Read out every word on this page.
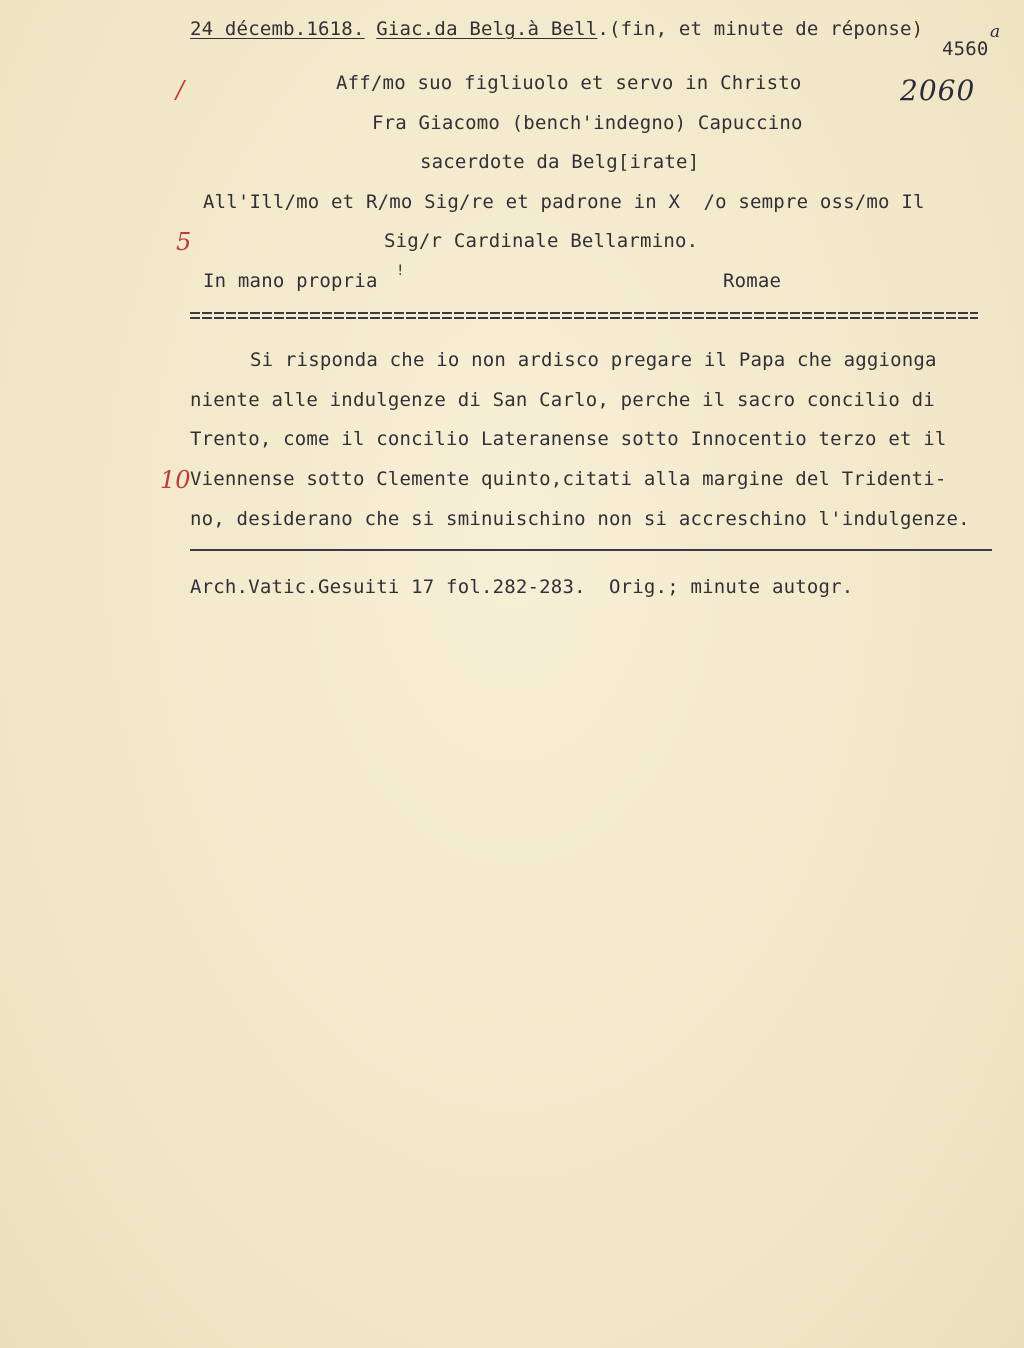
24 décemb.1618. Giac.da Belg.à Bell.(fin, et minute de réponse)
4560
a
2060
/
5
10
Aff/mo suo figliuolo et servo in Christo
Fra Giacomo (bench'indegno) Capuccino
sacerdote da Belg[irate]
All'Ill/mo et R/mo Sig/re et padrone in X  /o sempre oss/mo Il
Sig/r Cardinale Bellarmino.
In mano propria !	Romae
Si risponda che io non ardisco pregare il Papa che aggionga
niente alle indulgenze di San Carlo, perche il sacro concilio di
Trento, come il concilio Lateranense sotto Innocentio terzo et il
Viennense sotto Clemente quinto,citati alla margine del Tridenti-
no, desiderano che si sminuischino non si accreschino l'indulgenze.
Arch.Vatic.Gesuiti 17 fol.282-283.  Orig.; minute autogr.
